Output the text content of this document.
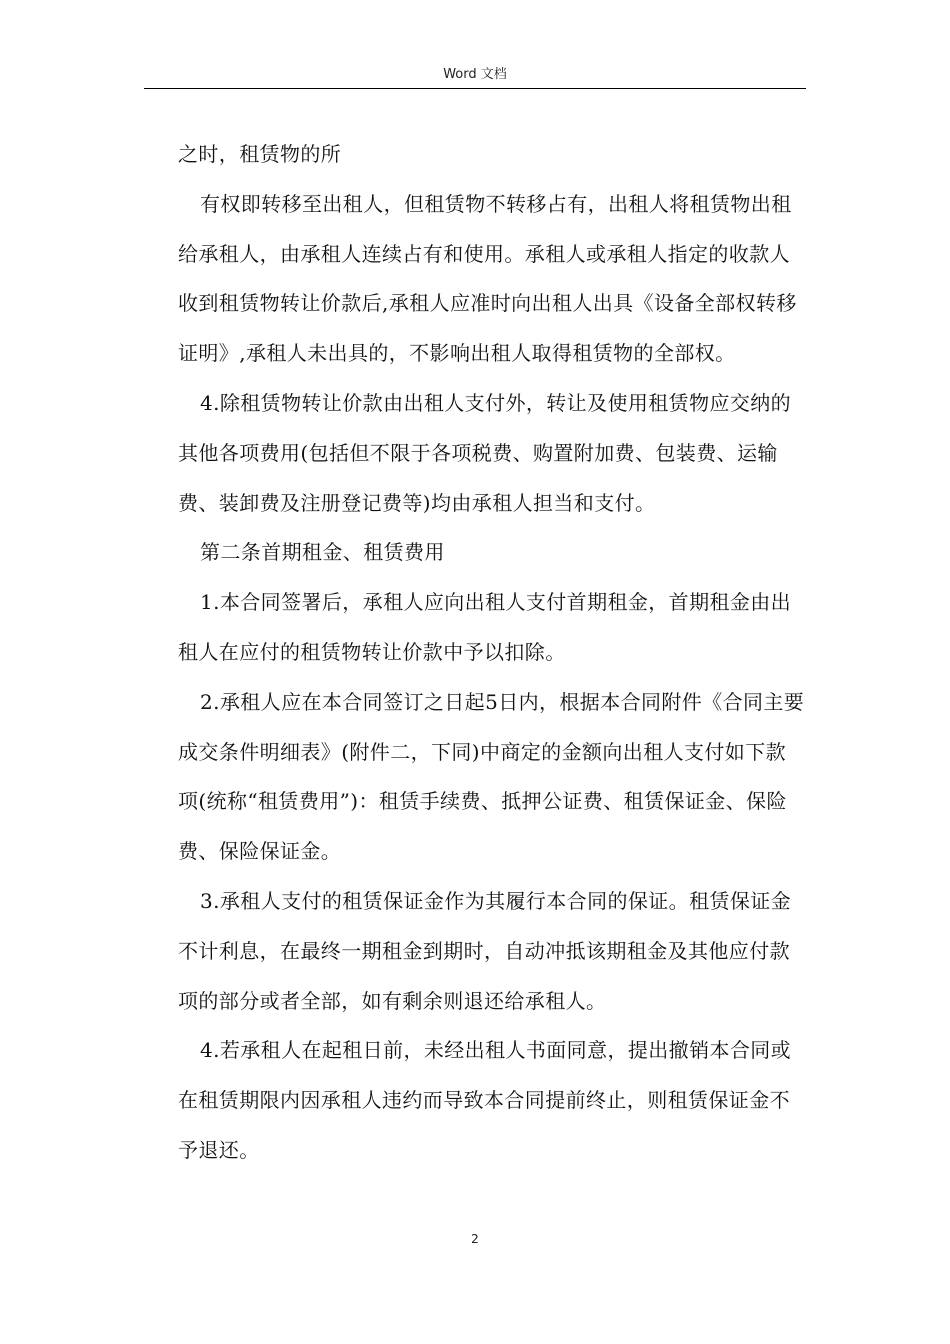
Word 文档

之时，租赁物的所

有权即转移至出租人，但租赁物不转移占有，出租人将租赁物出租给承租人，由承租人连续占有和使用。承租人或承租人指定的收款人收到租赁物转让价款后,承租人应准时向出租人出具《设备全部权转移证明》,承租人未出具的，不影响出租人取得租赁物的全部权。

4.除租赁物转让价款由出租人支付外，转让及使用租赁物应交纳的其他各项费用(包括但不限于各项税费、购置附加费、包装费、运输费、装卸费及注册登记费等)均由承租人担当和支付。

第二条首期租金、租赁费用

1.本合同签署后，承租人应向出租人支付首期租金，首期租金由出租人在应付的租赁物转让价款中予以扣除。

2.承租人应在本合同签订之日起5日内，根据本合同附件《合同主要成交条件明细表》(附件二，下同)中商定的金额向出租人支付如下款项(统称“租赁费用”)：租赁手续费、抵押公证费、租赁保证金、保险费、保险保证金。

3.承租人支付的租赁保证金作为其履行本合同的保证。租赁保证金不计利息，在最终一期租金到期时，自动冲抵该期租金及其他应付款项的部分或者全部，如有剩余则退还给承租人。

4.若承租人在起租日前，未经出租人书面同意，提出撤销本合同或在租赁期限内因承租人违约而导致本合同提前终止，则租赁保证金不予退还。

2
